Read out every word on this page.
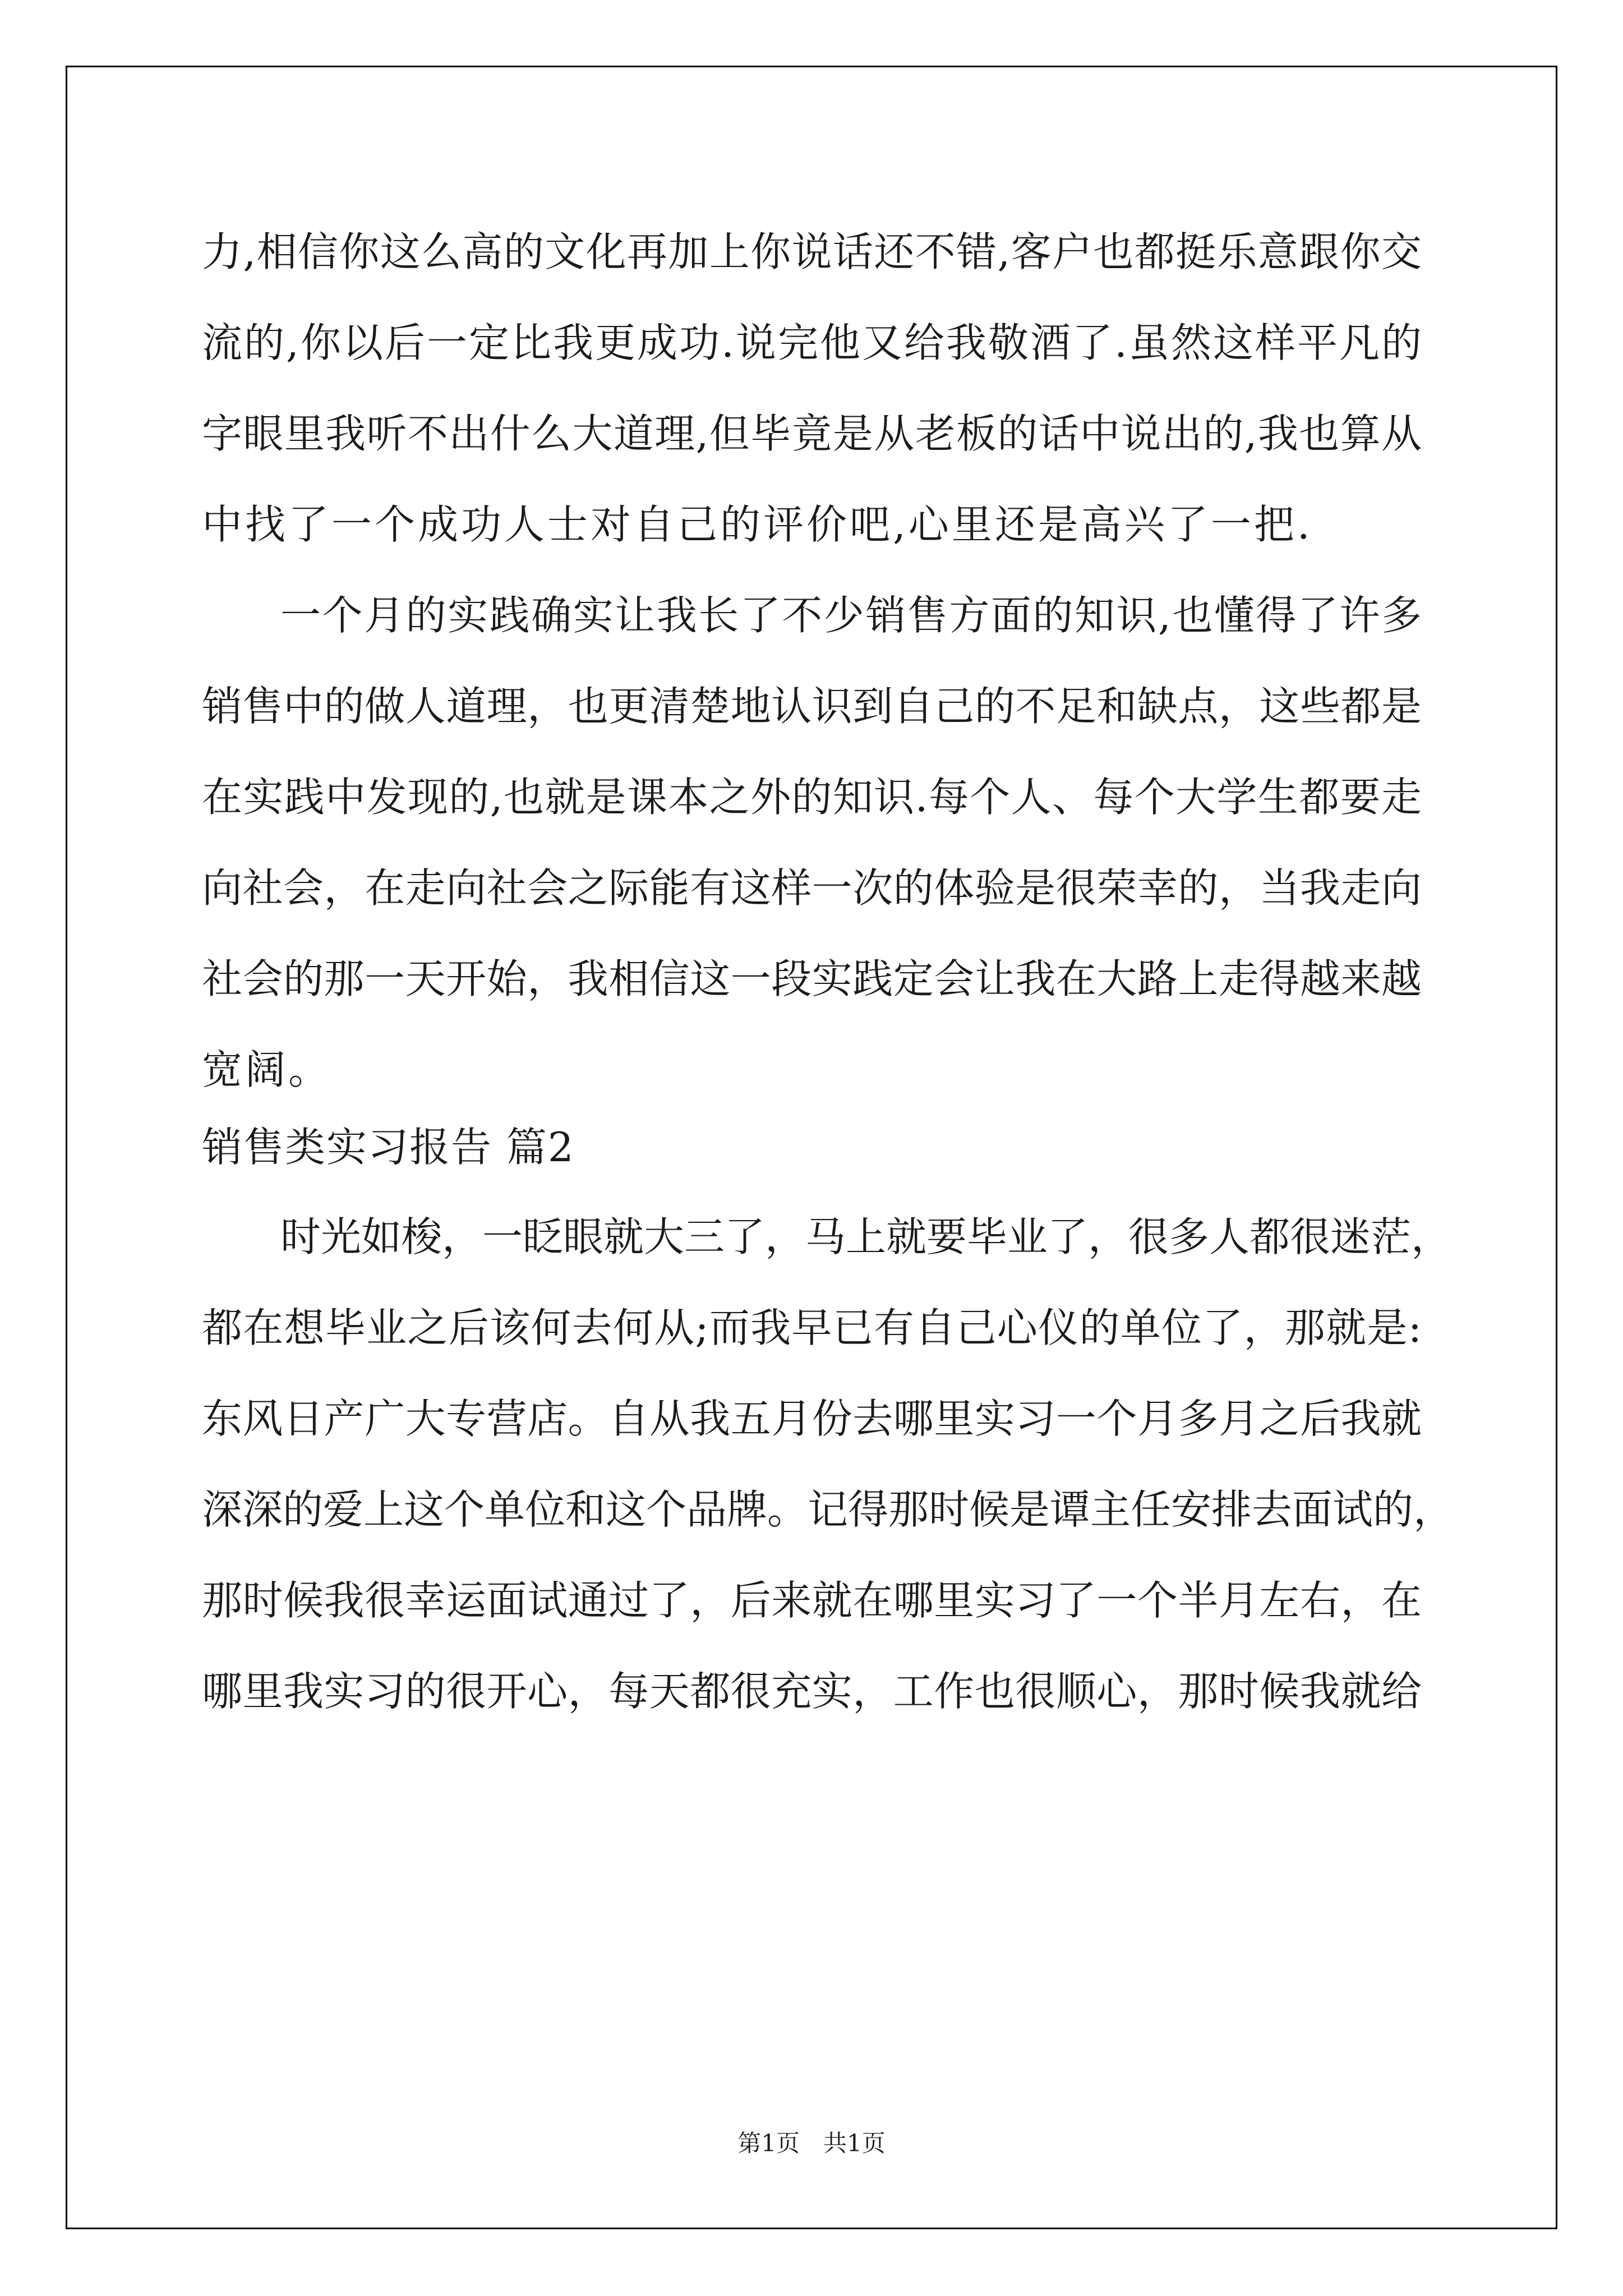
力,相信你这么高的文化再加上你说话还不错,客户也都挺乐意跟你交
流的,你以后一定比我更成功.说完他又给我敬酒了.虽然这样平凡的
字眼里我听不出什么大道理,但毕竟是从老板的话中说出的,我也算从
中找了一个成功人士对自己的评价吧,心里还是高兴了一把.
一个月的实践确实让我长了不少销售方面的知识,也懂得了许多
销售中的做人道理，也更清楚地认识到自己的不足和缺点，这些都是
在实践中发现的,也就是课本之外的知识.每个人、每个大学生都要走
向社会，在走向社会之际能有这样一次的体验是很荣幸的，当我走向
社会的那一天开始，我相信这一段实践定会让我在大路上走得越来越
宽阔。
销售类实习报告 篇2
时光如梭，一眨眼就大三了，马上就要毕业了，很多人都很迷茫，
都在想毕业之后该何去何从;而我早已有自己心仪的单位了，那就是:
东风日产广大专营店。自从我五月份去哪里实习一个月多月之后我就
深深的爱上这个单位和这个品牌。记得那时候是谭主任安排去面试的，
那时候我很幸运面试通过了，后来就在哪里实习了一个半月左右，在
哪里我实习的很开心，每天都很充实，工作也很顺心，那时候我就给
第1页　共1页
